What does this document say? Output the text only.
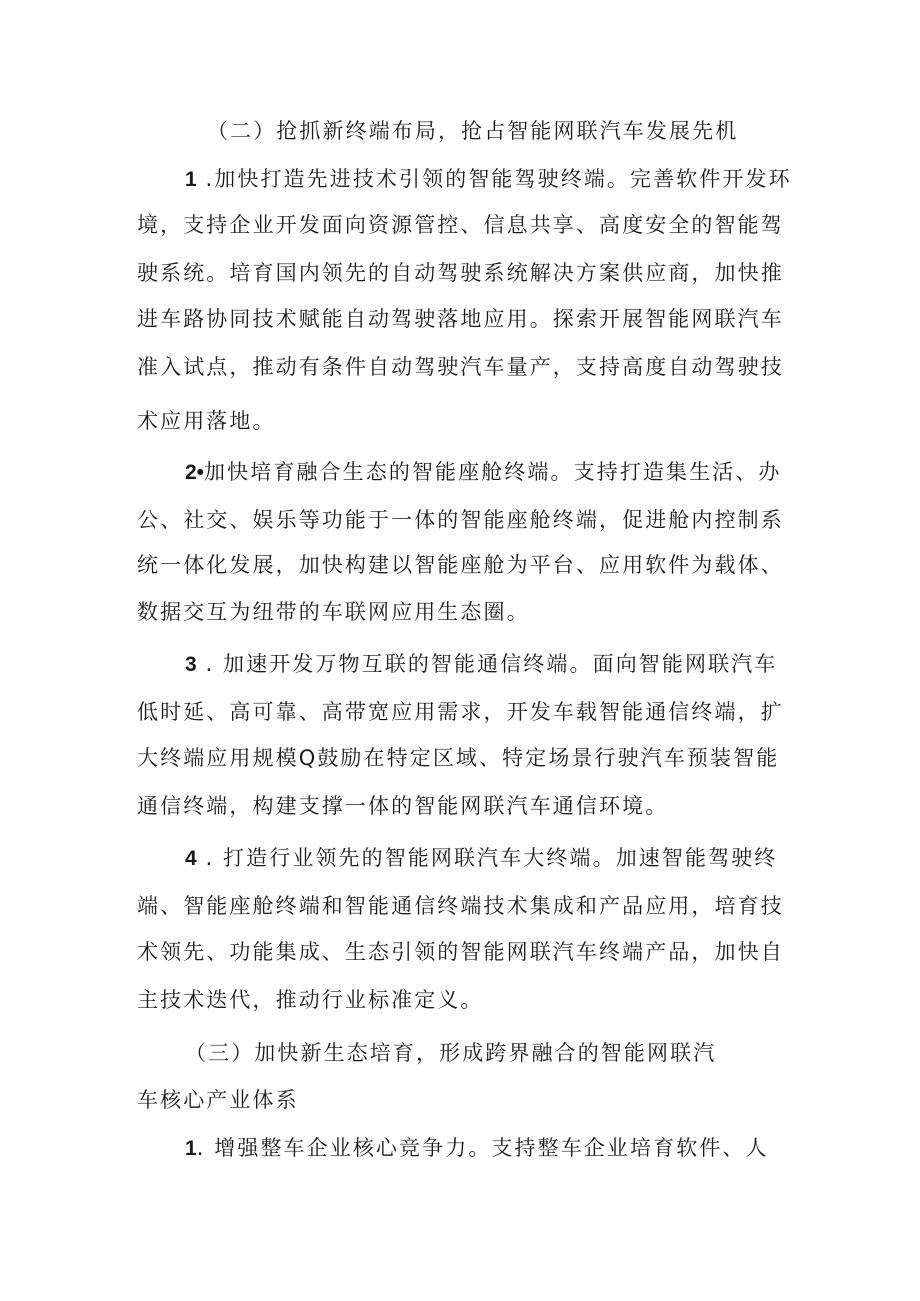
（二）抢抓新终端布局，抢占智能网联汽车发展先机
1 .加快打造先进技术引领的智能驾驶终端。完善软件开发环
境，支持企业开发面向资源管控、信息共享、高度安全的智能驾
驶系统。培育国内领先的自动驾驶系统解决方案供应商，加快推
进车路协同技术赋能自动驾驶落地应用。探索开展智能网联汽车
准入试点，推动有条件自动驾驶汽车量产，支持高度自动驾驶技
术应用落地。
2•加快培育融合生态的智能座舱终端。支持打造集生活、办
公、社交、娱乐等功能于一体的智能座舱终端，促进舱内控制系
统一体化发展，加快构建以智能座舱为平台、应用软件为载体、
数据交互为纽带的车联网应用生态圈。
3 . 加速开发万物互联的智能通信终端。面向智能网联汽车
低时延、高可靠、高带宽应用需求，开发车载智能通信终端，扩
大终端应用规模Q鼓励在特定区域、特定场景行驶汽车预装智能
通信终端，构建支撑一体的智能网联汽车通信环境。
4 . 打造行业领先的智能网联汽车大终端。加速智能驾驶终
端、智能座舱终端和智能通信终端技术集成和产品应用，培育技
术领先、功能集成、生态引领的智能网联汽车终端产品，加快自
主技术迭代，推动行业标准定义。
（三）加快新生态培育，形成跨界融合的智能网联汽
车核心产业体系
1. 增强整车企业核心竞争力。支持整车企业培育软件、人
